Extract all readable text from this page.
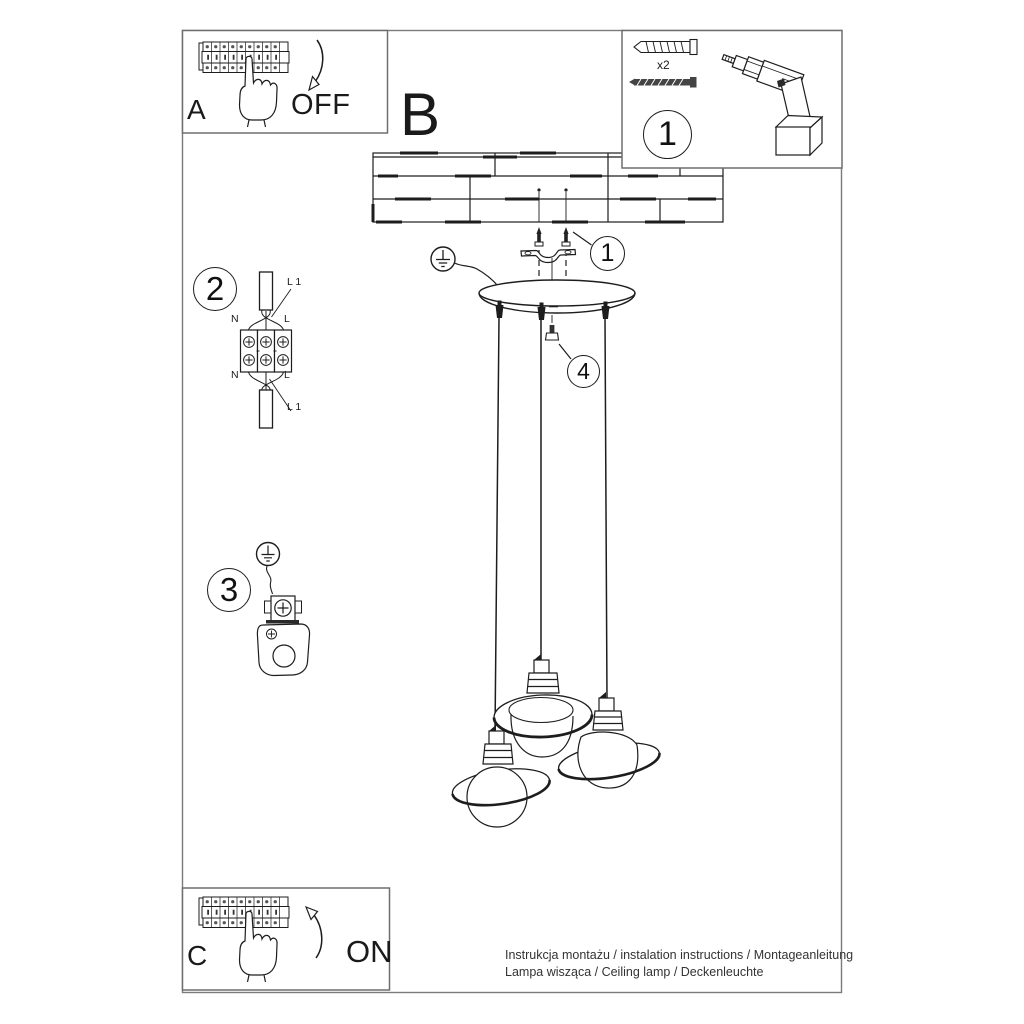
A	OFF B
x2
C	ON
L 1
N	L
N	L
L 1
1
1
4
2
3
Instrukcja montażu / instalation instructions / Montageanleitung
Lampa wisząca / Ceiling lamp / Deckenleuchte
